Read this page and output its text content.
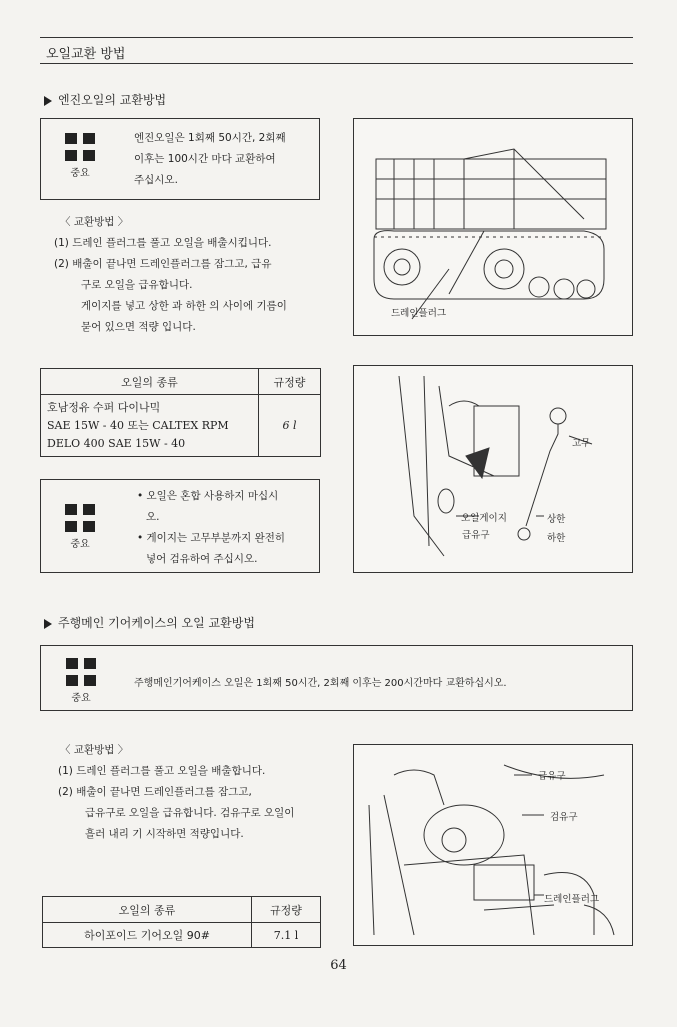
오일교환 방법
엔진오일의 교환방법
중요
엔진오일은 1회째 50시간, 2회째
이후는 100시간 마다 교환하여
주십시오.
〈 교환방법 〉
(1) 드레인 플러그를 풀고 오일을 배출시킵니다.
(2) 배출이 끝나면 드레인플러그를 잠그고, 급유
구로 오일을 급유합니다.
게이지를 넣고 상한 과 하한 의 사이에 기름이
묻어 있으면 적량 입니다.
드레인플러그
오일의 종류	규정량

호남정유 수퍼 다이나믹
SAE 15W - 40 또는 CALTEX RPM
DELO 400 SAE 15W - 40	6 l
중요
• 오일은 혼합 사용하지 마십시
오.
• 게이지는 고무부분까지 완전히
넣어 검유하여 주십시오.
고무
오일게이지
급유구
상한
하한
주행메인 기어케이스의 오일 교환방법
중요
주행메인기어케이스 오일은 1회째 50시간, 2회째 이후는 200시간마다 교환하십시오.
〈 교환방법 〉
(1) 드레인 플러그를 풀고 오일을 배출합니다.
(2) 배출이 끝나면 드레인플러그를 잠그고,
급유구로 오일을 급유합니다. 검유구로 오일이
흘러 내리 기 시작하면 적량입니다.
급유구
검유구
드레인플러그
오일의 종류	규정량
하이포이드 기어오일 90#	7.1 l
64
